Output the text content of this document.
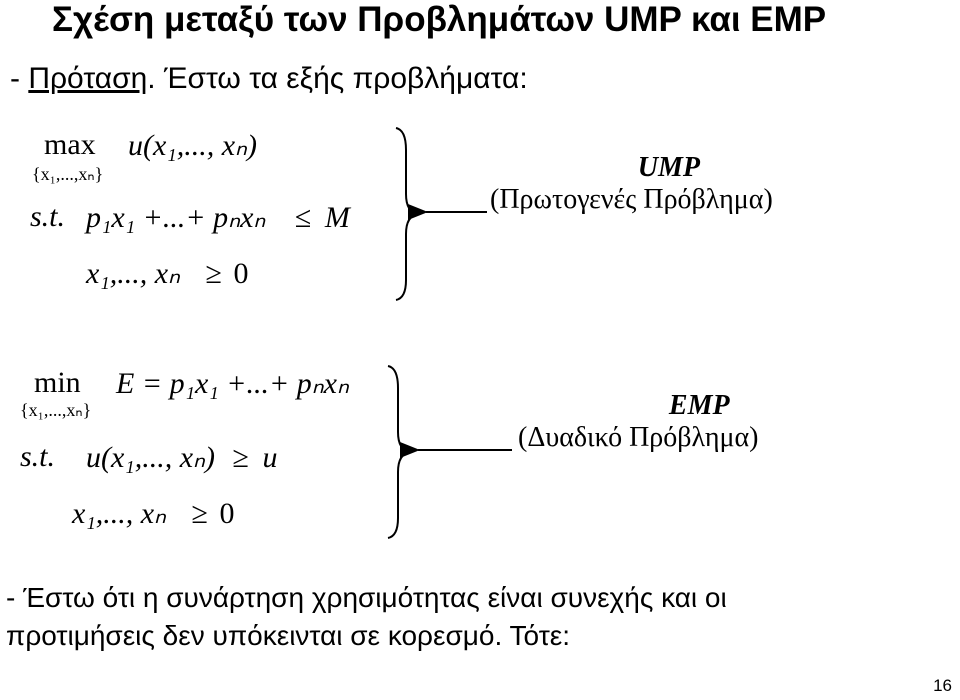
Σχέση μεταξύ των Προβλημάτων UMP και EMP
- Πρόταση. Έστω τα εξής προβλήματα:
max
{x₁,...,xₙ}
u(x₁,..., xₙ)
s.t. p₁x₁ +...+ pₙxₙ ≤ M
x₁,..., xₙ ≥ 0
UMP
(Πρωτογενές Πρόβλημα)
min
{x₁,...,xₙ}
E = p₁x₁ +...+ pₙxₙ
s.t. u(x₁,..., xₙ) ≥ u
x₁,..., xₙ ≥ 0
EMP
(Δυαδικό Πρόβλημα)
- Έστω ότι η συνάρτηση χρησιμότητας είναι συνεχής και οι
προτιμήσεις δεν υπόκεινται σε κορεσμό. Τότε:
16
